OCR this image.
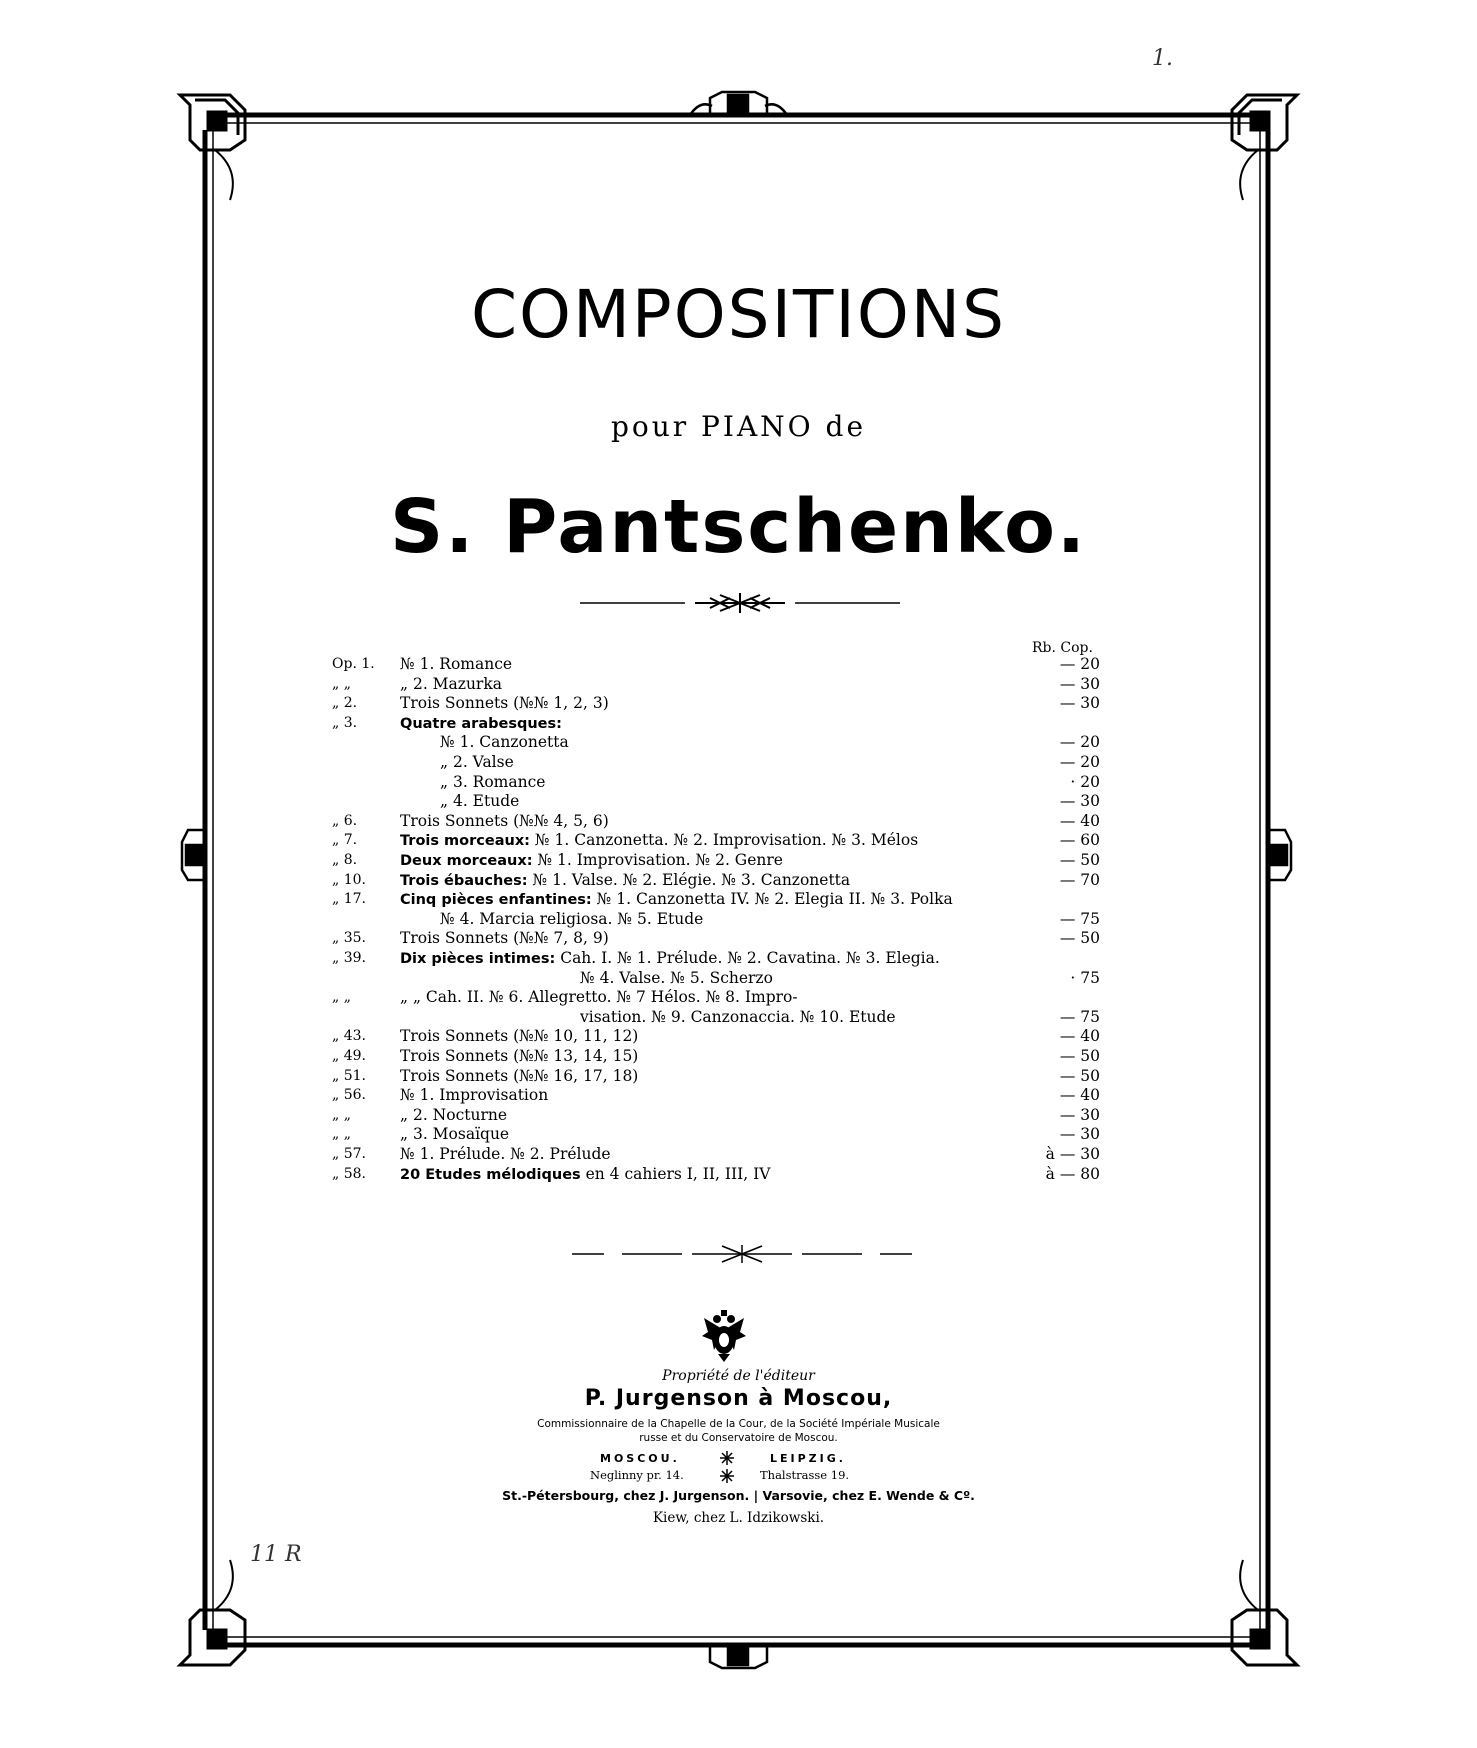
COMPOSITIONS
pour PIANO de
S. Pantschenko.
Rb. Cop.
Op. 1.	№ 1. Romance	— 20
„ „	„ 2. Mazurka	— 30
„ 2.	Trois Sonnets (№№ 1, 2, 3)	— 30
„ 3.	Quatre arabesques:
№ 1. Canzonetta	— 20
„ 2. Valse	— 20
„ 3. Romance	· 20
„ 4. Etude	— 30
„ 6.	Trois Sonnets (№№ 4, 5, 6)	— 40
„ 7.	Trois morceaux: № 1. Canzonetta. № 2. Improvisation. № 3. Mélos	— 60
„ 8.	Deux morceaux: № 1. Improvisation. № 2. Genre	— 50
„ 10.	Trois ébauches: № 1. Valse. № 2. Elégie. № 3. Canzonetta	— 70
„ 17.	Cinq pièces enfantines: № 1. Canzonetta IV. № 2. Elegia II. № 3. Polka
№ 4. Marcia religiosa. № 5. Etude	— 75
„ 35.	Trois Sonnets (№№ 7, 8, 9)	— 50
„ 39.	Dix pièces intimes: Cah. I. № 1. Prélude. № 2. Cavatina. № 3. Elegia.
№ 4. Valse. № 5. Scherzo	· 75
„ „	„ „ Cah. II. № 6. Allegretto. № 7 Hélos. № 8. Impro-
visation. № 9. Canzonaccia. № 10. Etude	— 75
„ 43.	Trois Sonnets (№№ 10, 11, 12)	— 40
„ 49.	Trois Sonnets (№№ 13, 14, 15)	— 50
„ 51.	Trois Sonnets (№№ 16, 17, 18)	— 50
„ 56.	№ 1. Improvisation	— 40
„ „	„ 2. Nocturne	— 30
„ „	„ 3. Mosaïque	— 30
„ 57.	№ 1. Prélude. № 2. Prélude	à — 30
„ 58.	20 Etudes mélodiques en 4 cahiers I, II, III, IV	à — 80
Propriété de l'éditeur
P. Jurgenson à Moscou,
Commissionnaire de la Chapelle de la Cour, de la Société Impériale Musicale
russe et du Conservatoire de Moscou.
MOSCOU.	LEIPZIG.
Neglinny pr. 14.	Thalstrasse 19.
St.-Pétersbourg, chez J. Jurgenson. | Varsovie, chez E. Wende & Cº.
Kiew, chez L. Idzikowski.
1.
11 R
